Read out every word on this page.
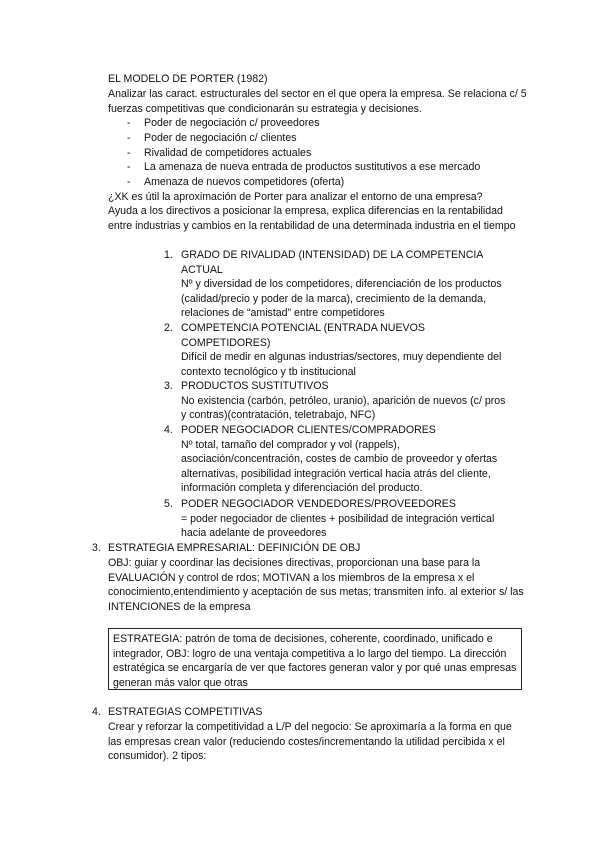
EL MODELO DE PORTER (1982)
Analizar las caract. estructurales del sector en el que opera la empresa. Se relaciona c/ 5 fuerzas competitivas que condicionarán su estrategia y decisiones.
- Poder de negociación c/ proveedores
- Poder de negociación c/ clientes
- Rivalidad de competidores actuales
- La amenaza de nueva entrada de productos sustitutivos a ese mercado
- Amenaza de nuevos competidores (oferta)
¿XK es útil la aproximación de Porter para analizar el entorno de una empresa?
Ayuda a los directivos a posicionar la empresa, explica diferencias en la rentabilidad entre industrias y cambios en la rentabilidad de una determinada industria en el tiempo
1. GRADO DE RIVALIDAD (INTENSIDAD) DE LA COMPETENCIA ACTUAL
Nº y diversidad de los competidores, diferenciación de los productos (calidad/precio y poder de la marca), crecimiento de la demanda, relaciones de “amistad” entre competidores
2. COMPETENCIA POTENCIAL (ENTRADA NUEVOS COMPETIDORES)
Difícil de medir en algunas industrias/sectores, muy dependiente del contexto tecnológico y tb institucional
3. PRODUCTOS SUSTITUTIVOS
No existencia (carbón, petróleo, uranio), aparición de nuevos (c/ pros y contras)(contratación, teletrabajo, NFC)
4. PODER NEGOCIADOR CLIENTES/COMPRADORES
Nº total, tamaño del comprador y vol (rappels), asociación/concentración, costes de cambio de proveedor y ofertas alternativas, posibilidad integración vertical hacia atrás del cliente, información completa y diferenciación del producto.
5. PODER NEGOCIADOR VENDEDORES/PROVEEDORES
= poder negociador de clientes + posibilidad de integración vertical hacia adelante de proveedores
3. ESTRATEGIA EMPRESARIAL: DEFINICIÓN DE OBJ
OBJ: guiar y coordinar las decisiones directivas, proporcionan una base para la EVALUACIÓN y control de rdos; MOTIVAN a los miembros de la empresa x el conocimiento,entendimiento y aceptación de sus metas; transmiten info. al exterior s/ las INTENCIONES de la empresa
ESTRATEGIA: patrón de toma de decisiones, coherente, coordinado, unificado e integrador, OBJ: logro de una ventaja competitiva a lo largo del tiempo. La dirección estratégica se encargaría de ver que factores generan valor y por qué unas empresas generan más valor que otras
4. ESTRATEGIAS COMPETITIVAS
Crear y reforzar la competitividad a L/P del negocio: Se aproximaría a la forma en que las empresas crean valor (reduciendo costes/incrementando la utilidad percibida x el consumidor). 2 tipos:
